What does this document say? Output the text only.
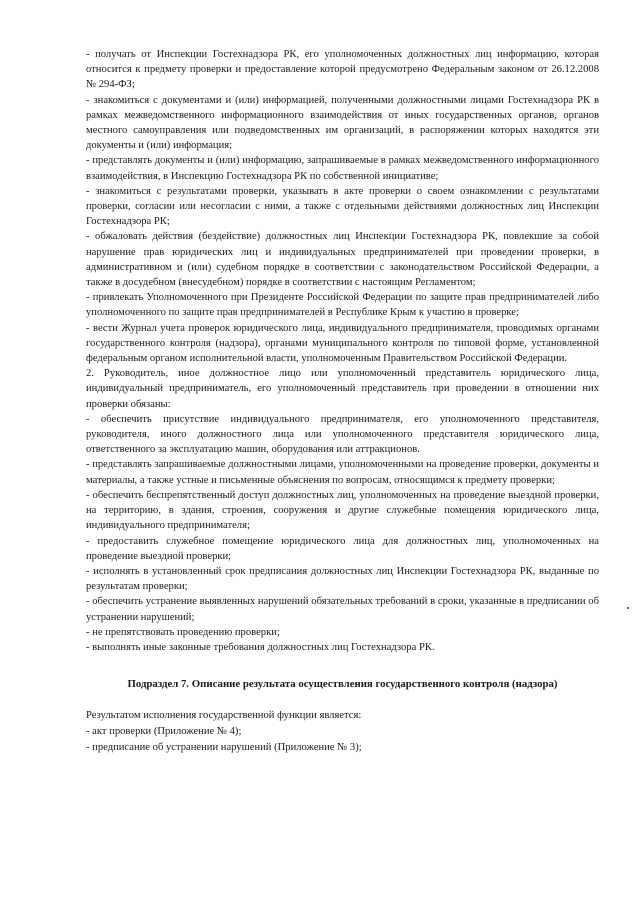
- получать от Инспекции Гостехнадзора РК, его уполномоченных должностных лиц информацию, которая относится к предмету проверки и предоставление которой предусмотрено Федеральным законом от 26.12.2008 № 294-ФЗ;

- знакомиться с документами и (или) информацией, полученными должностными лицами Гостехнадзора РК в рамках межведомственного информационного взаимодействия от иных государственных органов, органов местного самоуправления или подведомственных им организаций, в распоряжении которых находятся эти документы и (или) информация;

- представлять документы и (или) информацию, запрашиваемые в рамках межведомственного информационного взаимодействия, в Инспекцию Гостехнадзора РК по собственной инициативе;

- знакомиться с результатами проверки, указывать в акте проверки о своем ознакомлении с результатами проверки, согласии или несогласии с ними, а также с отдельными действиями должностных лиц Инспекции Гостехнадзора РК;

- обжаловать действия (бездействие) должностных лиц Инспекции Гостехнадзора РК, повлекшие за собой нарушение прав юридических лиц и индивидуальных предпринимателей при проведении проверки, в административном и (или) судебном порядке в соответствии с законодательством Российской Федерации, а также в досудебном (внесудебном) порядке в соответствии с настоящим Регламентом;

- привлекать Уполномоченного при Президенте Российской Федерации по защите прав предпринимателей либо уполномоченного по защите прав предпринимателей в Республике Крым к участию в проверке;

- вести Журнал учета проверок юридического лица, индивидуального предпринимателя, проводимых органами государственного контроля (надзора), органами муниципального контроля по типовой форме, установленной федеральным органом исполнительной власти, уполномоченным Правительством Российской Федерации.

2. Руководитель, иное должностное лицо или уполномоченный представитель юридического лица, индивидуальный предприниматель, его уполномоченный представитель при проведении в отношении них проверки обязаны:

- обеспечить присутствие индивидуального предпринимателя, его уполномоченного представителя, руководителя, иного должностного лица или уполномоченного представителя юридического лица, ответственного за эксплуатацию машин, оборудования или аттракционов.

- представлять запрашиваемые должностными лицами, уполномоченными на проведение проверки, документы и материалы, а также устные и письменные объяснения по вопросам, относящимся к предмету проверки;

- обеспечить беспрепятственный доступ должностных лиц, уполномоченных на проведение выездной проверки, на территорию, в здания, строения, сооружения и другие служебные помещения юридического лица, индивидуального предпринимателя;

- предоставить служебное помещение юридического лица для должностных лиц, уполномоченных на проведение выездной проверки;

- исполнять в установленный срок предписания должностных лиц Инспекции Гостехнадзора РК, выданные по результатам проверки;

- обеспечить устранение выявленных нарушений обязательных требований в сроки, указанные в предписании об устранении нарушений;

- не препятствовать проведению проверки;

- выполнять иные законные требования должностных лиц Гостехнадзора РК.

Подраздел 7. Описание результата осуществления государственного контроля (надзора)

Результатом исполнения государственной функции является:

- акт проверки (Приложение № 4);

- предписание об устранении нарушений (Приложение № 3);
